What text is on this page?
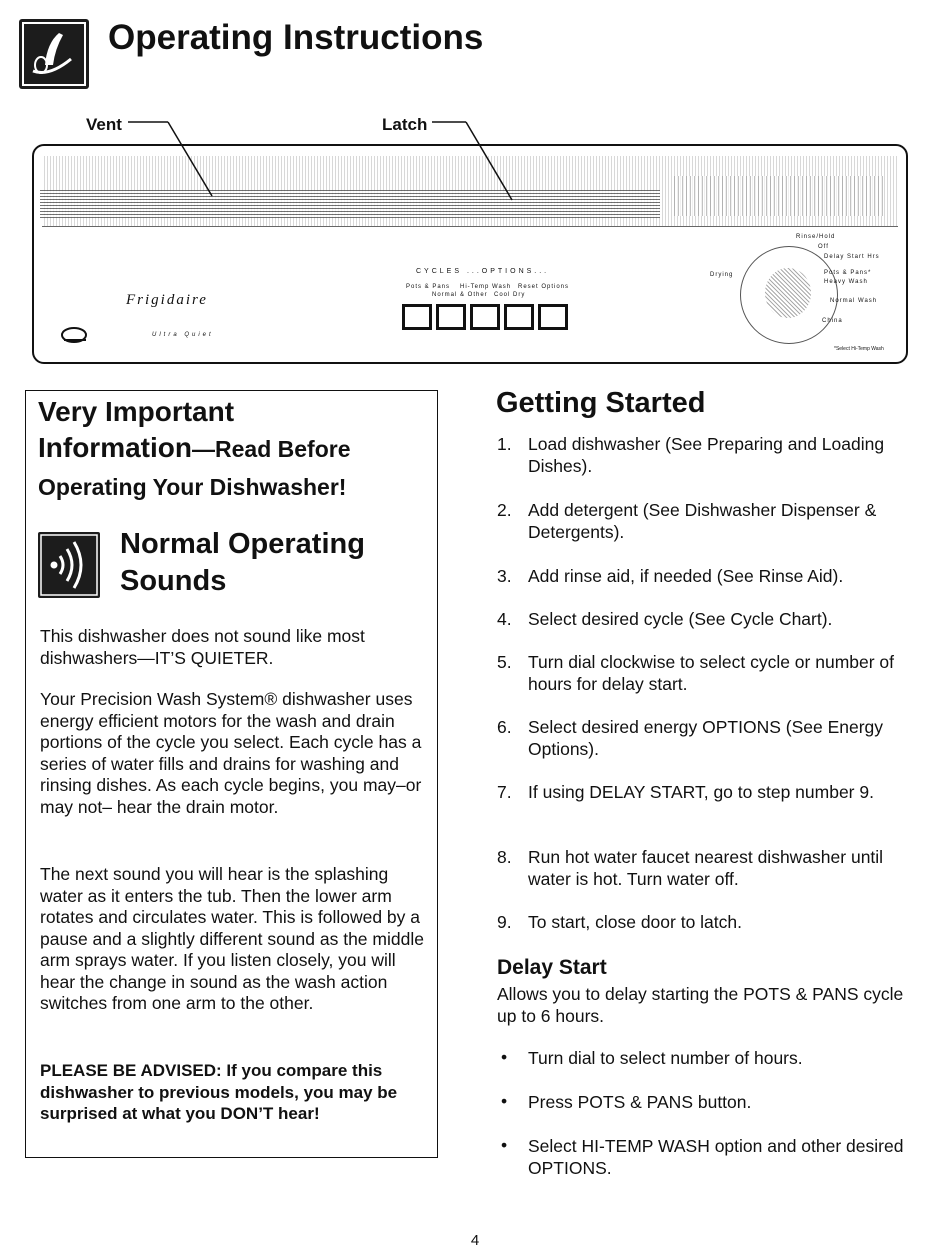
Operating Instructions
Vent	Latch
Frigidaire
Ultra Quiet
CYCLES ...OPTIONS...
Pots & Pans
Normal & Other
Hi-Temp Wash
Cool Dry
Reset Options
Drying
Rinse/Hold
Off
Delay Start Hrs
Pots & Pans*
Heavy Wash
Normal Wash
China
*Select Hi-Temp Wash
Very Important
Information—Read Before
Operating Your Dishwasher!
Normal Operating
Sounds
This dishwasher does not sound like most dishwashers—IT’S QUIETER.
Your Precision Wash System® dishwasher uses energy efficient motors for the wash and drain portions of the cycle you select. Each cycle has a series of water fills and drains for washing and rinsing dishes. As each cycle begins, you may–or may not– hear the drain motor.
The next sound you will hear is the splashing water as it enters the tub. Then the lower arm rotates and circulates water. This is followed by a pause and a slightly different sound as the middle arm sprays water. If you listen closely, you will hear the change in sound as the wash action switches from one arm to the other.
PLEASE BE ADVISED: If you compare this dishwasher to previous models, you may be surprised at what you DON’T hear!
Getting Started
1. Load dishwasher (See Preparing and Loading Dishes).
2. Add detergent (See Dishwasher Dispenser & Detergents).
3. Add rinse aid, if needed (See Rinse Aid).
4. Select desired cycle (See Cycle Chart).
5. Turn dial clockwise to select cycle or number of hours for delay start.
6. Select desired energy OPTIONS (See Energy Options).
7. If using DELAY START, go to step number 9.
8. Run hot water faucet nearest dishwasher until water is hot. Turn water off.
9. To start, close door to latch.
Delay Start
Allows you to delay starting the POTS & PANS cycle up to 6 hours.
•	Turn dial to select number of hours.
•	Press POTS & PANS button.
•	Select HI-TEMP WASH option and other desired OPTIONS.
4
